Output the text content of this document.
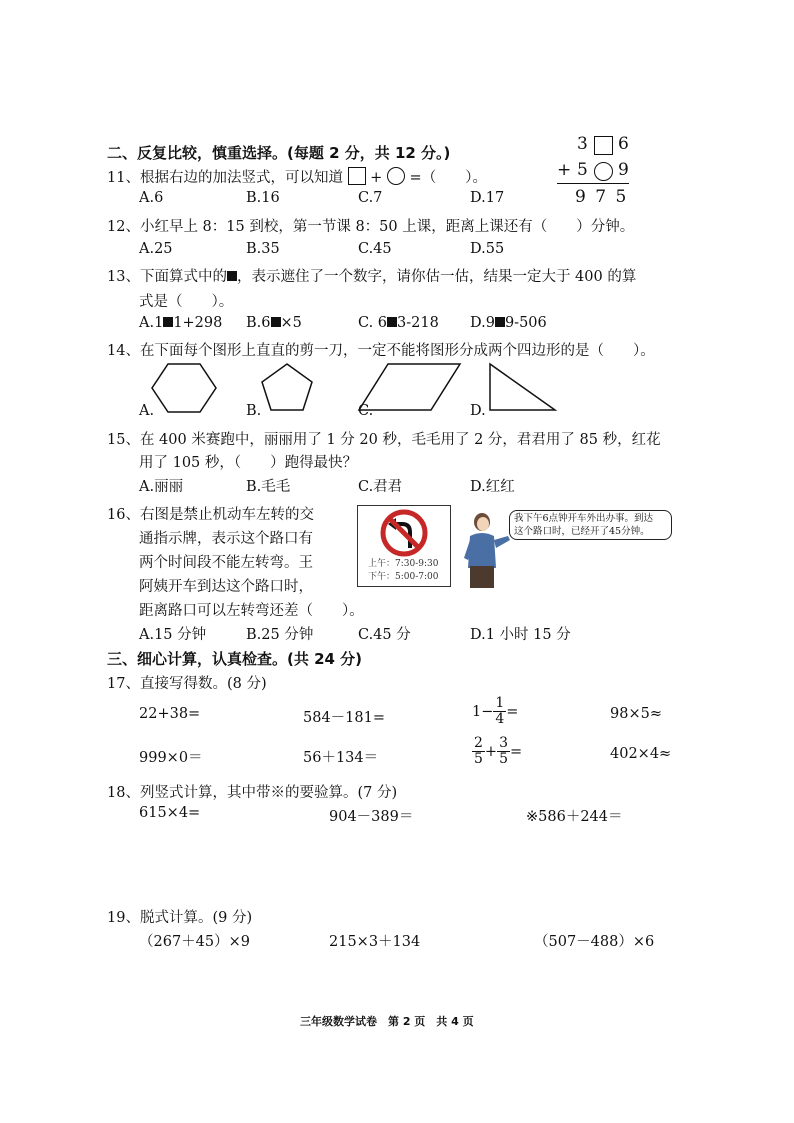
二、反复比较，慎重选择。(每题 2 分，共 12 分。)	3 6
+ 5 9
9 7 5
11、根据右边的加法竖式，可以知道 + =（　　）。
A.6	B.16	C.7	D.17
12、小红早上 8：15 到校，第一节课 8：50 上课，距离上课还有（　　）分钟。
A.25	B.35	C.45	D.55
13、下面算式中的 ，表示遮住了一个数字，请你估一估，结果一定大于 400 的算
式是（　　）。
A.1 1+298 B.6 ×5	C. 6 3-218 D.9 9-506
14、在下面每个图形上直直的剪一刀，一定不能将图形分成两个四边形的是（　　）。
A.	B.	C.	D.
15、在 400 米赛跑中，丽丽用了 1 分 20 秒，毛毛用了 2 分，君君用了 85 秒，红花
用了 105 秒，（　　）跑得最快？
A.丽丽	B.毛毛	C.君君	D.红红
16、右图是禁止机动车左转的交
通指示牌，表示这个路口有
两个时间段不能左转弯。王
阿姨开车到达这个路口时，
距离路口可以左转弯还差（　　）。
上午：7:30-9:30
下午：5:00-7:00
我下午6点钟开车外出办事。到达
这个路口时，已经开了45分钟。
A.15 分钟	B.25 分钟	C.45 分	D.1 小时 15 分
三、细心计算，认真检查。(共 24 分)
17、直接写得数。(8 分)
22+38=	584－181=	$1- \frac{1}{4}$ =	98×5≈
999×0＝	56＋134＝	$\frac{2}{5} + \frac{3}{5}$ =	402×4≈
18、列竖式计算，其中带※的要验算。(7 分)
615×4=	904－389＝	※586＋244＝
19、脱式计算。(9 分)
（267＋45）×9	215×3＋134	（507－488）×6
三年级数学试卷　第 2 页　共 4 页
